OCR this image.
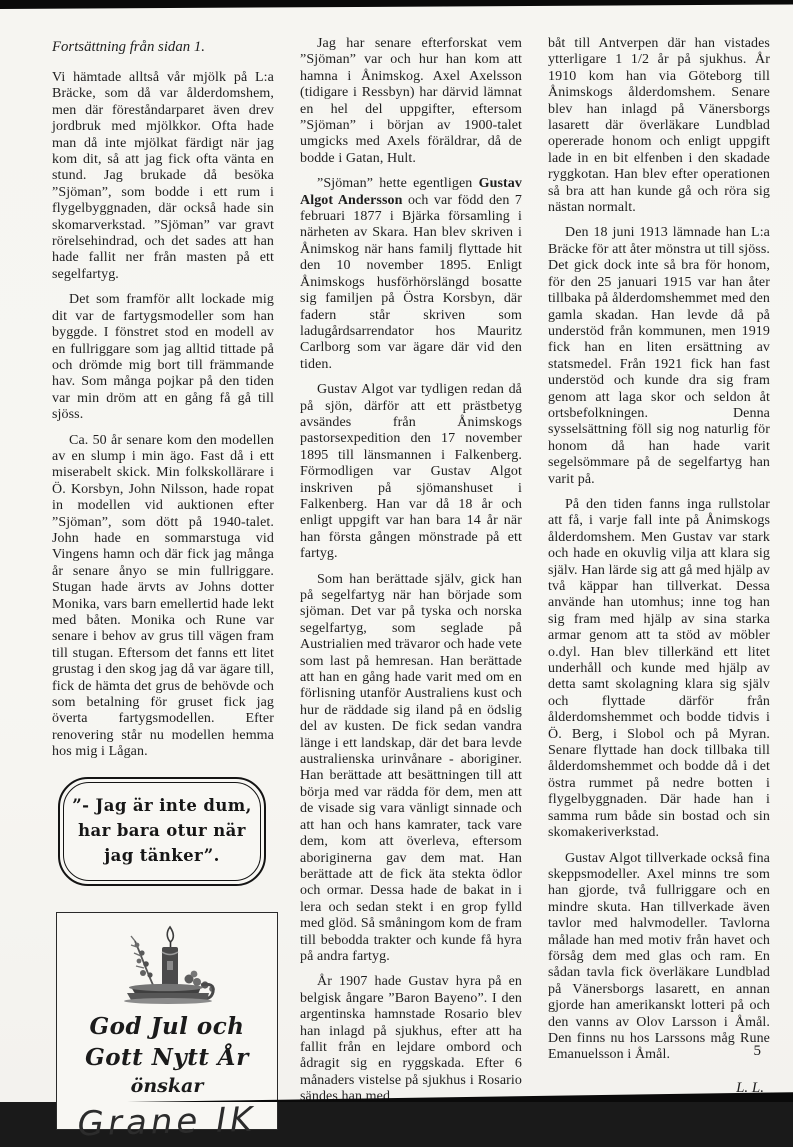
Fortsättning från sidan 1.

Vi hämtade alltså vår mjölk på L:a Bräcke, som då var ålderdomshem, men där föreståndarparet även drev jordbruk med mjölkkor. Ofta hade man då inte mjölkat färdigt när jag kom dit, så att jag fick ofta vänta en stund. Jag brukade då besöka ”Sjöman”, som bodde i ett rum i flygelbyggnaden, där också hade sin skomarverkstad. ”Sjöman” var gravt rörelsehindrad, och det sades att han hade fallit ner från masten på ett segelfartyg.

Det som framför allt lockade mig dit var de fartygsmodeller som han byggde. I fönstret stod en modell av en fullriggare som jag alltid tittade på och drömde mig bort till främmande hav. Som många pojkar på den tiden var min dröm att en gång få gå till sjöss.

Ca. 50 år senare kom den modellen av en slump i min ägo. Fast då i ett miserabelt skick. Min folkskollärare i Ö. Korsbyn, John Nilsson, hade ropat in modellen vid auktionen efter ”Sjöman”, som dött på 1940-talet. John hade en sommarstuga vid Vingens hamn och där fick jag många år senare ånyo se min fullriggare. Stugan hade ärvts av Johns dotter Monika, vars barn emellertid hade lekt med båten. Monika och Rune var senare i behov av grus till vägen fram till stugan. Eftersom det fanns ett litet grustag i den skog jag då var ägare till, fick de hämta det grus de behövde och som betalning för gruset fick jag överta fartygsmodellen. Efter renovering står nu modellen hemma hos mig i Lågan.

”- Jag är inte dum,
har bara otur när jag tänker”.
God Jul och
Gott Nytt År
önskar
Grane IK

Jag har senare efterforskat vem ”Sjöman” var och hur han kom att hamna i Ånimskog. Axel Axelsson (tidigare i Ressbyn) har därvid lämnat en hel del uppgifter, eftersom ”Sjöman” i början av 1900-talet umgicks med Axels föräldrar, då de bodde i Gatan, Hult.

”Sjöman” hette egentligen Gustav Algot Andersson och var född den 7 februari 1877 i Bjärka församling i närheten av Skara. Han blev skriven i Ånimskog när hans familj flyttade hit den 10 november 1895. Enligt Ånimskogs husförhörslängd bosatte sig familjen på Östra Korsbyn, där fadern står skriven som ladugårdsarrendator hos Mauritz Carlborg som var ägare där vid den tiden.

Gustav Algot var tydligen redan då på sjön, därför att ett prästbetyg avsändes från Ånimskogs pastorsexpedition den 17 november 1895 till länsmannen i Falkenberg. Förmodligen var Gustav Algot inskriven på sjömanshuset i Falkenberg. Han var då 18 år och enligt uppgift var han bara 14 år när han första gången mönstrade på ett fartyg.

Som han berättade själv, gick han på segelfartyg när han började som sjöman. Det var på tyska och norska segelfartyg, som seglade på Austrialien med trävaror och hade vete som last på hemresan. Han berättade att han en gång hade varit med om en förlisning utanför Australiens kust och hur de räddade sig iland på en ödslig del av kusten. De fick sedan vandra länge i ett landskap, där det bara levde australienska urinvånare - aboriginer. Han berättade att besättningen till att börja med var rädda för dem, men att de visade sig vara vänligt sinnade och att han och hans kamrater, tack vare dem, kom att överleva, eftersom aboriginerna gav dem mat. Han berättade att de fick äta stekta ödlor och ormar. Dessa hade de bakat in i lera och sedan stekt i en grop fylld med glöd. Så småningom kom de fram till bebodda trakter och kunde få hyra på andra fartyg.

År 1907 hade Gustav hyra på en belgisk ångare ”Baron Bayeno”. I den argentinska hamnstade Rosario blev han inlagd på sjukhus, efter att ha fallit från en lejdare ombord och ådragit sig en ryggskada. Efter 6 månaders vistelse på sjukhus i Rosario sändes han med

båt till Antverpen där han vistades ytterligare 1 1/2 år på sjukhus. År 1910 kom han via Göteborg till Ånimskogs ålderdomshem. Senare blev han inlagd på Vänersborgs lasarett där överläkare Lundblad opererade honom och enligt uppgift lade in en bit elfenben i den skadade ryggkotan. Han blev efter operationen så bra att han kunde gå och röra sig nästan normalt.

Den 18 juni 1913 lämnade han L:a Bräcke för att åter mönstra ut till sjöss. Det gick dock inte så bra för honom, för den 25 januari 1915 var han åter tillbaka på ålderdomshemmet med den gamla skadan. Han levde då på understöd från kommunen, men 1919 fick han en liten ersättning av statsmedel. Från 1921 fick han fast understöd och kunde dra sig fram genom att laga skor och seldon åt ortsbefolkningen. Denna sysselsättning föll sig nog naturlig för honom då han hade varit segelsömmare på de segelfartyg han varit på.

På den tiden fanns inga rullstolar att få, i varje fall inte på Ånimskogs ålderdomshem. Men Gustav var stark och hade en okuvlig vilja att klara sig själv. Han lärde sig att gå med hjälp av två käppar han tillverkat. Dessa använde han utomhus; inne tog han sig fram med hjälp av sina starka armar genom att ta stöd av möbler o.dyl. Han blev tillerkänd ett litet underhåll och kunde med hjälp av detta samt skolagning klara sig själv och flyttade därför från ålderdomshemmet och bodde tidvis i Ö. Berg, i Slobol och på Myran. Senare flyttade han dock tillbaka till ålderdomshemmet och bodde då i det östra rummet på nedre botten i flygelbyggnaden. Där hade han i samma rum både sin bostad och sin skomakeriverkstad.

Gustav Algot tillverkade också fina skeppsmodeller. Axel minns tre som han gjorde, två fullriggare och en mindre skuta. Han tillverkade även tavlor med halvmodeller. Tavlorna målade han med motiv från havet och försåg dem med glas och ram. En sådan tavla fick överläkare Lundblad på Vänersborgs lasarett, en annan gjorde han amerikanskt lotteri på och den vanns av Olov Larsson i Åmål. Den finns nu hos Larssons måg Rune Emanuelsson i Åmål.

L. L.
5
